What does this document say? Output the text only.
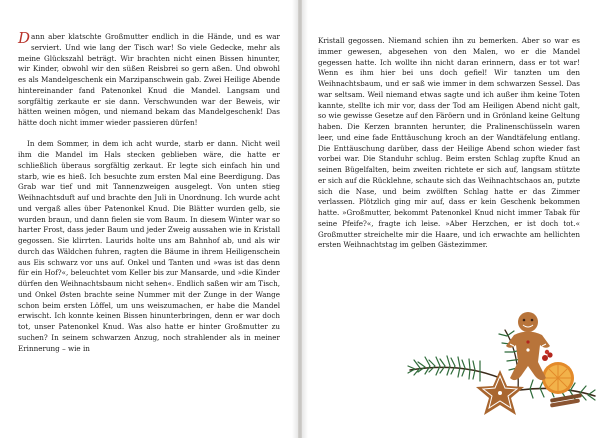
Dann aber klatschte Großmutter endlich in die Hände, und es war serviert. Und wie lang der Tisch war! So viele Gedecke, mehr als meine Glückszahl beträgt. Wir brachten nicht einen Bissen hinunter, wir Kinder, obwohl wir den süßen Reisbrei so gern aßen. Und obwohl es als Mandelgeschenk ein Marzipanschwein gab. Zwei Heilige Abende hintereinander fand Patenonkel Knud die Mandel. Langsam und sorgfältig zerkaute er sie dann. Verschwunden war der Beweis, wir hätten weinen mögen, und niemand bekam das Mandelgeschenk! Das hätte doch nicht immer wieder passieren dürfen!

In dem Sommer, in dem ich acht wurde, starb er dann. Nicht weil ihm die Mandel im Hals stecken geblieben wäre, die hatte er schließlich überaus sorgfältig zerkaut. Er legte sich einfach hin und starb, wie es hieß. Ich besuchte zum ersten Mal eine Beerdigung. Das Grab war tief und mit Tannenzweigen ausgelegt. Von unten stieg Weihnachtsduft auf und brachte den Juli in Unordnung. Ich wurde acht und vergaß alles über Patenonkel Knud. Die Blätter wurden gelb, sie wurden braun, und dann fielen sie vom Baum. In diesem Winter war so harter Frost, dass jeder Baum und jeder Zweig aussahen wie in Kristall gegossen. Sie klirrten. Laurids holte uns am Bahnhof ab, und als wir durch das Wäldchen fuhren, ragten die Bäume in ihrem Heiligenschein aus Eis schwarz vor uns auf. Onkel und Tanten und »was ist das denn für ein Hof?«, beleuchtet vom Keller bis zur Mansarde, und »die Kinder dürfen den Weihnachtsbaum nicht sehen«. Endlich saßen wir am Tisch, und Onkel Østen brachte seine Nummer mit der Zunge in der Wange schon beim ersten Löffel, um uns weiszumachen, er habe die Mandel erwischt. Ich konnte keinen Bissen hinunterbringen, denn er war doch tot, unser Patenonkel Knud. Was also hatte er hinter Großmutter zu suchen? In seinem schwarzen Anzug, noch strahlender als in meiner Erinnerung – wie in

Kristall gegossen. Niemand schien ihn zu bemerken. Aber so war es immer gewesen, abgesehen von den Malen, wo er die Mandel gegessen hatte. Ich wollte ihn nicht daran erinnern, dass er tot war! Wenn es ihm hier bei uns doch gefiel! Wir tanzten um den Weihnachtsbaum, und er saß wie immer in dem schwarzen Sessel. Das war seltsam. Weil niemand etwas sagte und ich außer ihm keine Toten kannte, stellte ich mir vor, dass der Tod am Heiligen Abend nicht galt, so wie gewisse Gesetze auf den Färöern und in Grönland keine Geltung haben. Die Kerzen brannten herunter, die Pralinenschüsseln waren leer, und eine fade Enttäuschung kroch an der Wandtäfelung entlang. Die Enttäuschung darüber, dass der Heilige Abend schon wieder fast vorbei war. Die Standuhr schlug. Beim ersten Schlag zupfte Knud an seinen Bügelfalten, beim zweiten richtete er sich auf, langsam stützte er sich auf die Rücklehne, schaute sich das Weihnachtschaos an, putzte sich die Nase, und beim zwölften Schlag hatte er das Zimmer verlassen. Plötzlich ging mir auf, dass er kein Geschenk bekommen hatte. »Großmutter, bekommt Patenonkel Knud nicht immer Tabak für seine Pfeife?«, fragte ich leise. »Aber Herzchen, er ist doch tot.« Großmutter streichelte mir die Haare, und ich erwachte am hellichten ersten Weihnachtstag im gelben Gästezimmer.
